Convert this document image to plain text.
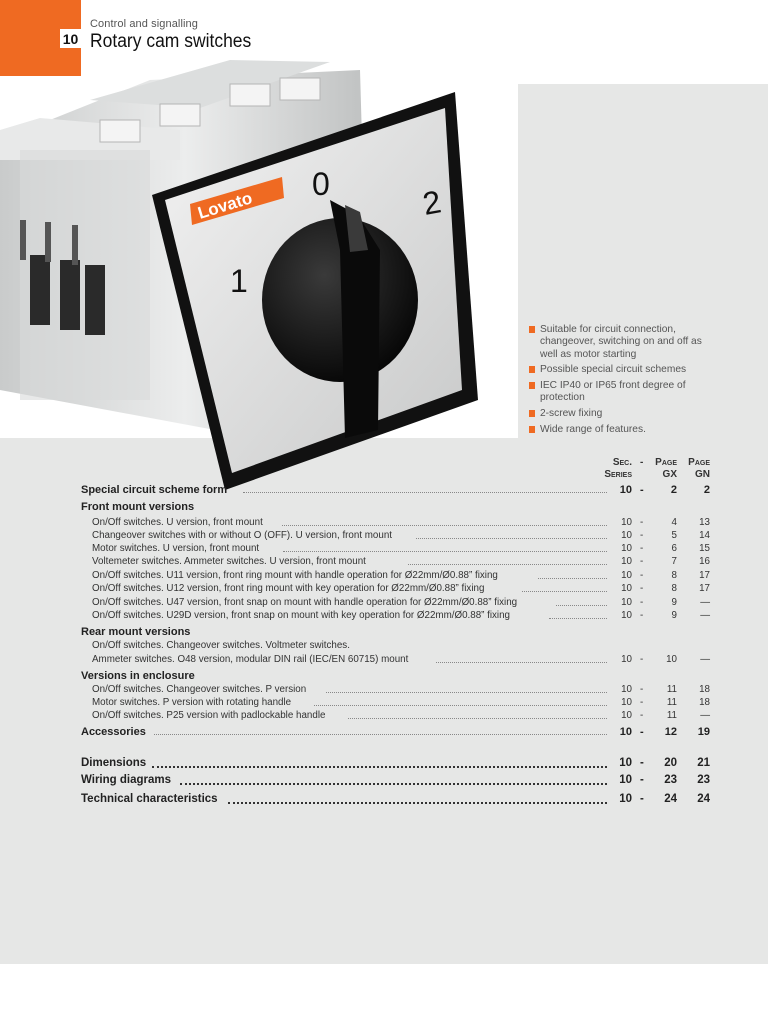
10
Control and signalling
Rotary cam switches
Lovato
0	2
1
Suitable for circuit connection, changeover, switching on and off as well as motor starting
Possible special circuit schemes
IEC IP40 or IP65 front degree of protection
2-screw fixing
Wide range of features.
Sec.
Series
- Page
GX
Page
GN
Special circuit scheme form	10 - 2 2
Front mount versions
On/Off switches. U version, front mount	10 -	4 13
Changeover switches with or without O (OFF). U version, front mount	10 -	5 14
Motor switches. U version, front mount	10 -	6 15
Voltemeter switches. Ammeter switches. U version, front mount	10 -	7 16
On/Off switches. U11 version, front ring mount with handle operation for Ø22mm/Ø0.88” fixing	10 -	8 17
On/Off switches. U12 version, front ring mount with key operation for Ø22mm/Ø0.88” fixing	10 -	8 17
On/Off switches. U47 version, front snap on mount with handle operation for Ø22mm/Ø0.88” fixing	10 -	9 —
On/Off switches. U29D version, front snap on mount with key operation for Ø22mm/Ø0.88” fixing	10 -	9 —
Rear mount versions
On/Off switches. Changeover switches. Voltmeter switches.
Ammeter switches. O48 version, modular DIN rail (IEC/EN 60715) mount	10 - 10 —
Versions in enclosure
On/Off switches. Changeover switches. P version	10 - 11 18
Motor switches. P version with rotating handle	10 - 11 18
On/Off switches. P25 version with padlockable handle	10 - 11 —
Accessories	10 - 12 19
Dimensions	10 - 20 21
Wiring diagrams	10 - 23 23
Technical characteristics	10 - 24 24
